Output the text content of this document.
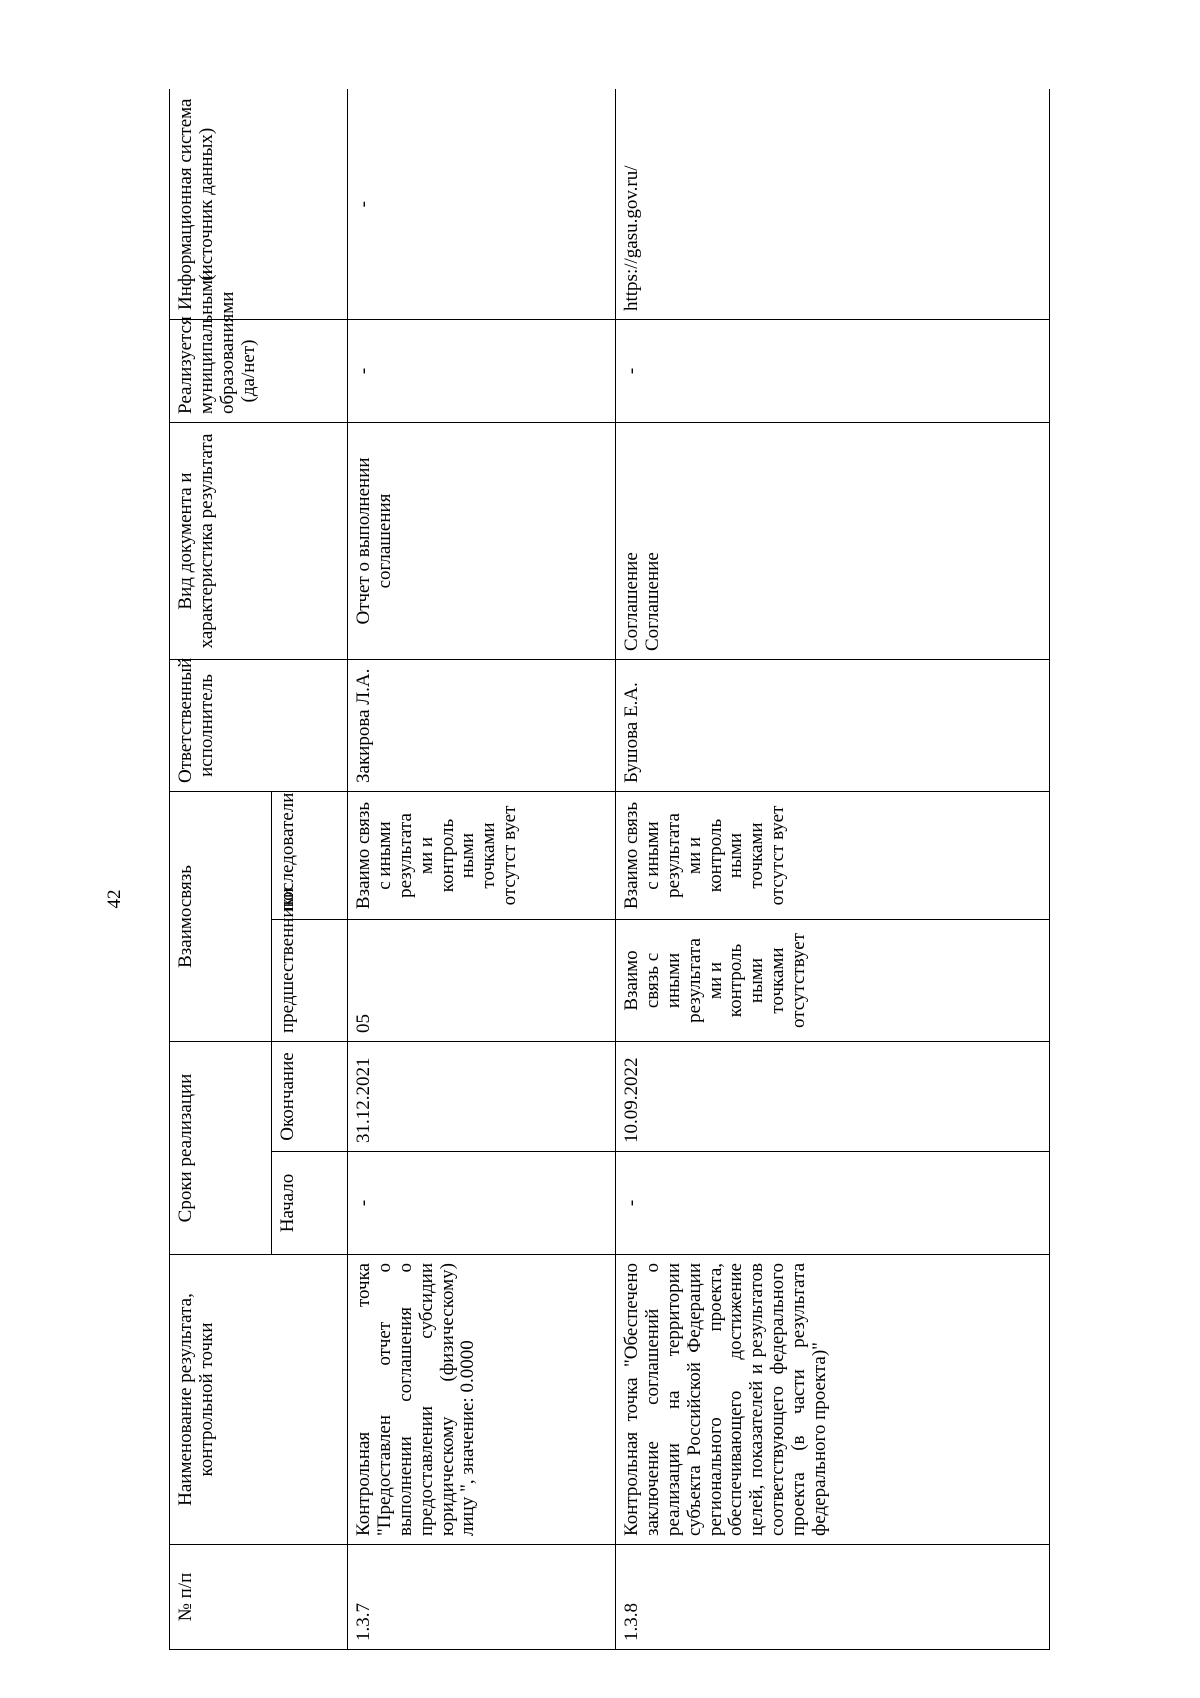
42
№ п/п	Наименование результата, контрольной точки	Сроки реализации		Взаимосвязь		Ответственный исполнитель	Вид документа и характеристика результата	Реализуется муниципальными образованиями (да/нет)	Информационная система (источник данных)
		Начало	Окончание	предшественники	последователи				
1.3.7	Контрольная точка "Предоставлен отчет о выполнении соглашения о предоставлении субсидии юридическому (физическому) лицу ", значение: 0.0000	-	31.12.2021	05	Взаимо связь с иными результата ми и контроль ными точками отсутст вует	Закирова Л.А.	Отчет о выполнении соглашения	-	-
1.3.8	Контрольная точка "Обеспечено заключение соглашений о реализации на территории субъекта Российской Федерации регионального проекта, обеспечивающего достижение целей, показателей и результатов соответствующего федерального проекта (в части результата федерального проекта)"	-	10.09.2022	Взаимо связь с иными результата ми и контроль ными точками отсутствует	Взаимо связь с иными результата ми и контроль ными точками отсутст вует	Бушова Е.А.	Соглашение
Соглашение	-	https://gasu.gov.ru/
